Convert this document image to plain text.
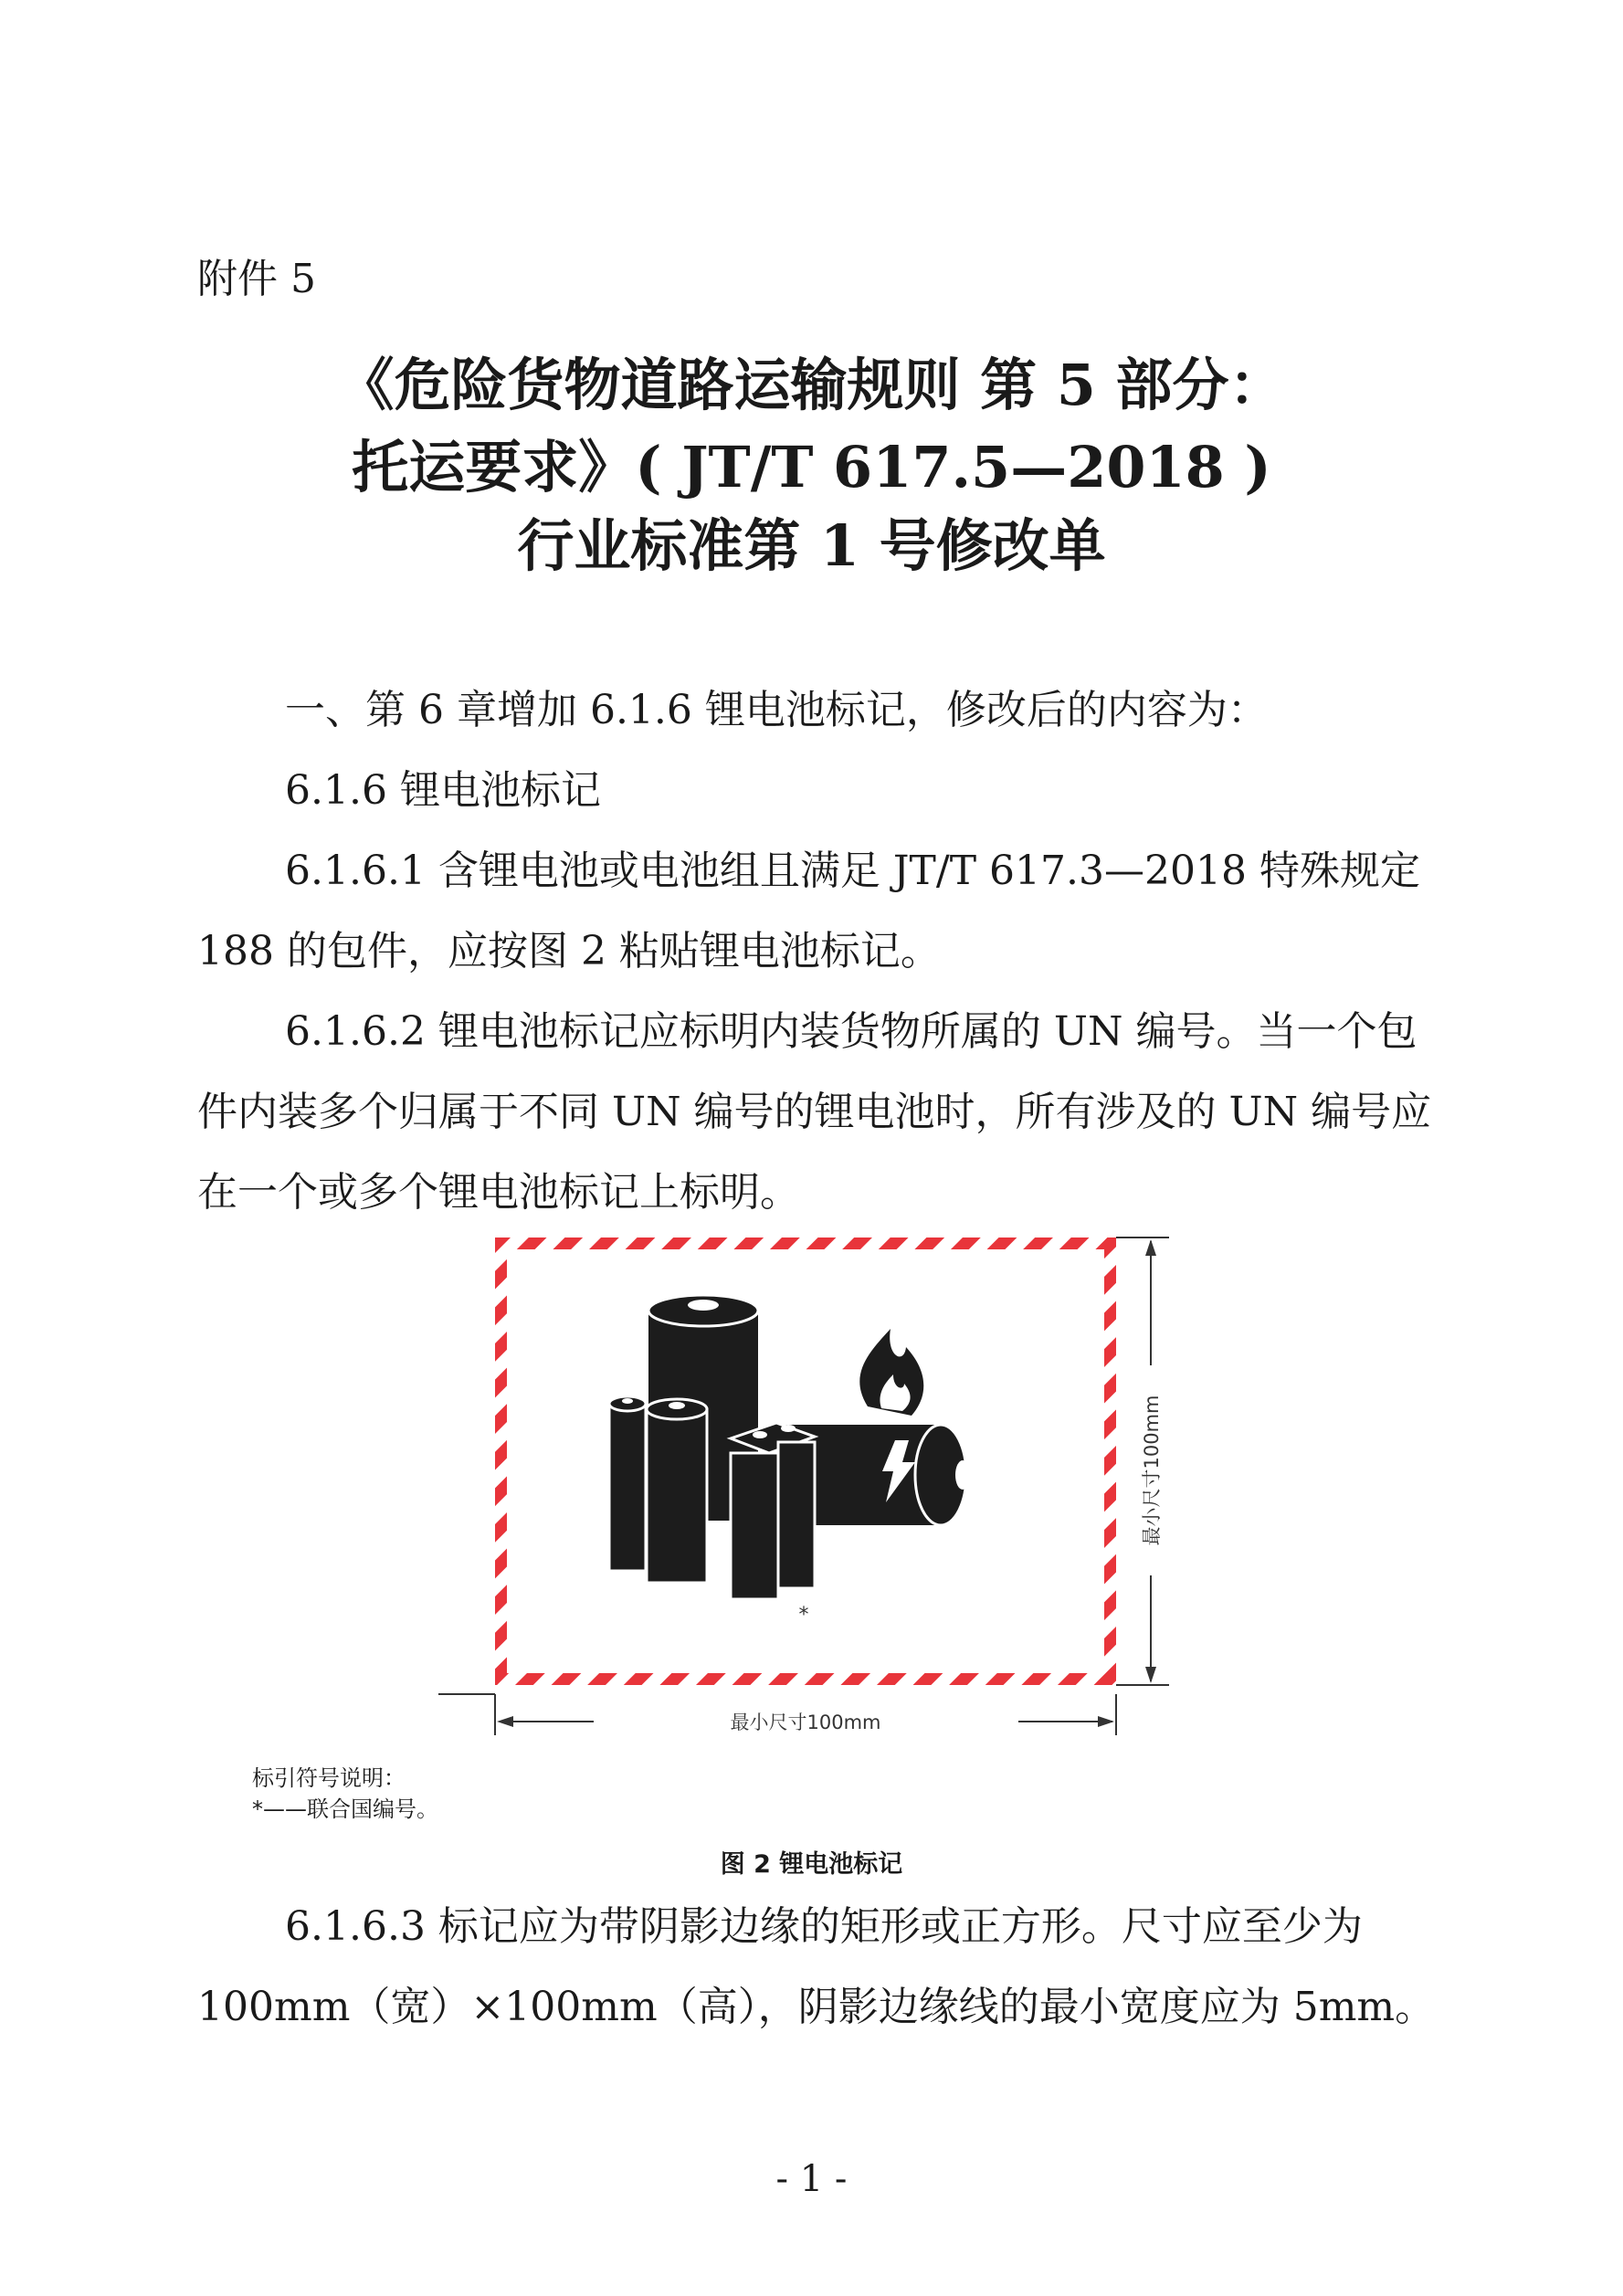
附件 5
《危险货物道路运输规则 第 5 部分：
托运要求》( JT/T 617.5—2018 )
行业标准第 1 号修改单
一、第 6 章增加 6.1.6 锂电池标记，修改后的内容为：
6.1.6 锂电池标记
6.1.6.1 含锂电池或电池组且满足 JT/T 617.3—2018 特殊规定 188 的包件，应按图 2 粘贴锂电池标记。
6.1.6.2 锂电池标记应标明内装货物所属的 UN 编号。当一个包件内装多个归属于不同 UN 编号的锂电池时，所有涉及的 UN 编号应在一个或多个锂电池标记上标明。
*
最小尺寸100mm
最小尺寸100mm
标引符号说明：
*——联合国编号。
图 2 锂电池标记
6.1.6.3 标记应为带阴影边缘的矩形或正方形。尺寸应至少为 100mm（宽）×100mm（高），阴影边缘线的最小宽度应为 5mm。
- 1 -
